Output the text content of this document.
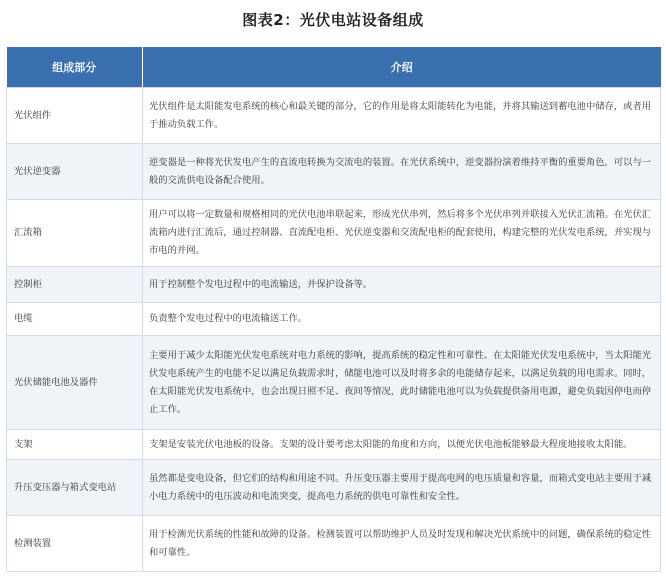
图表2：光伏电站设备组成
组成部分	介绍
光伏组件	光伏组件是太阳能发电系统的核心和最关键的部分，它的作用是将太阳能转化为电能，并将其输送到蓄电池中储存，或者用于推动负载工作。
光伏逆变器	逆变器是一种将光伏发电产生的直流电转换为交流电的装置。在光伏系统中，逆变器扮演着维持平衡的重要角色，可以与一般的交流供电设备配合使用。
汇流箱	用户可以将一定数量和规格相同的光伏电池串联起来，形成光伏串列，然后将多个光伏串列并联接入光伏汇流箱。在光伏汇流箱内进行汇流后，通过控制器、直流配电柜、光伏逆变器和交流配电柜的配套使用，构建完整的光伏发电系统，并实现与市电的并网。
控制柜	用于控制整个发电过程中的电流输送，并保护设备等。
电缆	负责整个发电过程中的电流输送工作。
光伏储能电池及器件	主要用于减少太阳能光伏发电系统对电力系统的影响，提高系统的稳定性和可靠性。在太阳能光伏发电系统中，当太阳能光伏发电系统产生的电能不足以满足负载需求时，储能电池可以及时将多余的电能储存起来，以满足负载的用电需求。同时，在太阳能光伏发电系统中，也会出现日照不足、夜间等情况，此时储能电池可以为负载提供备用电源，避免负载因停电而停止工作。
支架	支架是安装光伏电池板的设备。支架的设计要考虑太阳能的角度和方向，以便光伏电池板能够最大程度地接收太阳能。
升压变压器与箱式变电站	虽然都是变电设备，但它们的结构和用途不同。升压变压器主要用于提高电网的电压质量和容量，而箱式变电站主要用于减小电力系统中的电压波动和电流突变，提高电力系统的供电可靠性和安全性。
检测装置	用于检测光伏系统的性能和故障的设备。检测装置可以帮助维护人员及时发现和解决光伏系统中的问题，确保系统的稳定性和可靠性。
